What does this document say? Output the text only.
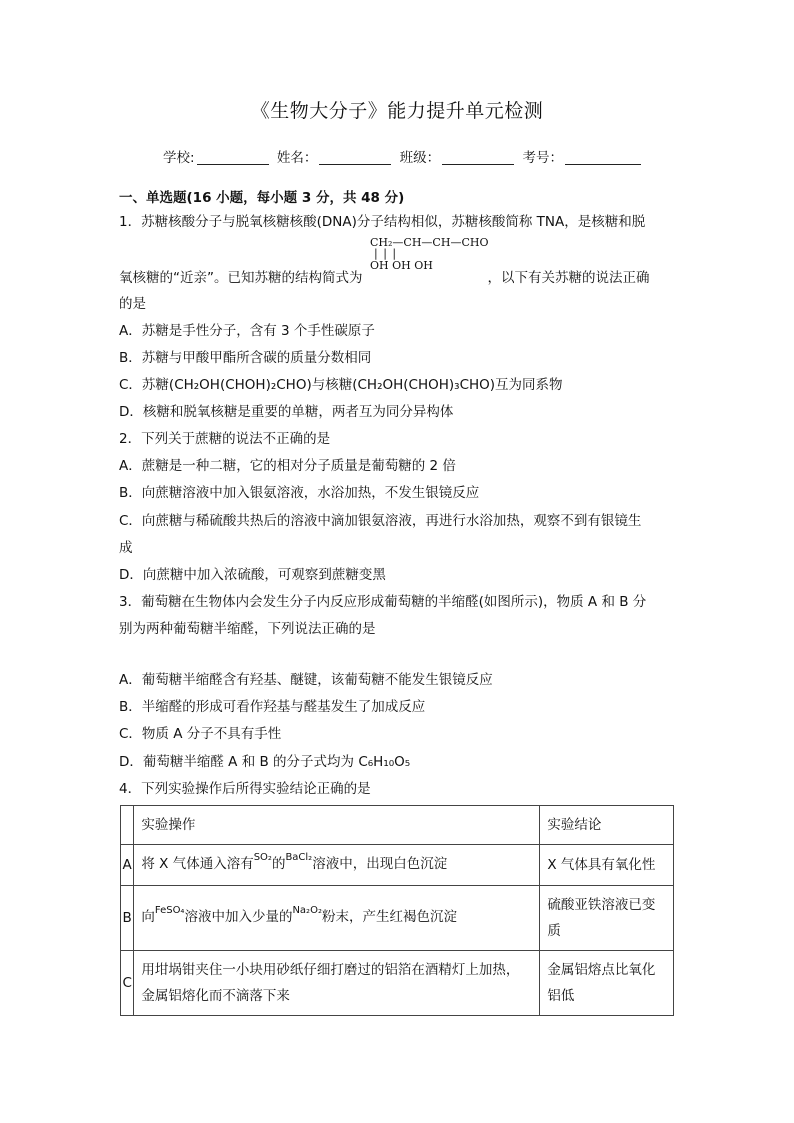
《生物大分子》能力提升单元检测
学校:	姓名：	班级：	考号：
一、单选题(16 小题，每小题 3 分，共 48 分)
1．苏糖核酸分子与脱氧核糖核酸(DNA)分子结构相似，苏糖核酸简称 TNA，是核糖和脱
CH₂—CH—CH—CHO
| | |
OH OH OH
氧核糖的“近亲”。已知苏糖的结构简式为	，以下有关苏糖的说法正确
的是
A．苏糖是手性分子，含有 3 个手性碳原子
B．苏糖与甲酸甲酯所含碳的质量分数相同
C．苏糖(CH₂OH(CHOH)₂CHO)与核糖(CH₂OH(CHOH)₃CHO)互为同系物
D．核糖和脱氧核糖是重要的单糖，两者互为同分异构体
2．下列关于蔗糖的说法不正确的是
A．蔗糖是一种二糖，它的相对分子质量是葡萄糖的 2 倍
B．向蔗糖溶液中加入银氨溶液，水浴加热，不发生银镜反应
C．向蔗糖与稀硫酸共热后的溶液中滴加银氨溶液，再进行水浴加热，观察不到有银镜生
成
D．向蔗糖中加入浓硫酸，可观察到蔗糖变黑
3．葡萄糖在生物体内会发生分子内反应形成葡萄糖的半缩醛(如图所示)，物质 A 和 B 分
别为两种葡萄糖半缩醛，下列说法正确的是
A．葡萄糖半缩醛含有羟基、醚键，该葡萄糖不能发生银镜反应
B．半缩醛的形成可看作羟基与醛基发生了加成反应
C．物质 A 分子不具有手性
D．葡萄糖半缩醛 A 和 B 的分子式均为 C₆H₁₀O₅
4．下列实验操作后所得实验结论正确的是
	实验操作	实验结论
A	将 X 气体通入溶有$^{SO_2}$的$^{BaCl_2}$溶液中，出现白色沉淀	X 气体具有氧化性
B	向$^{FeSO_4}$溶液中加入少量的$^{Na_2O_2}$粉末，产生红褐色沉淀	硫酸亚铁溶液已变质
C	用坩埚钳夹住一小块用砂纸仔细打磨过的铝箔在酒精灯上加热，金属铝熔化而不滴落下来	金属铝熔点比氧化铝低
